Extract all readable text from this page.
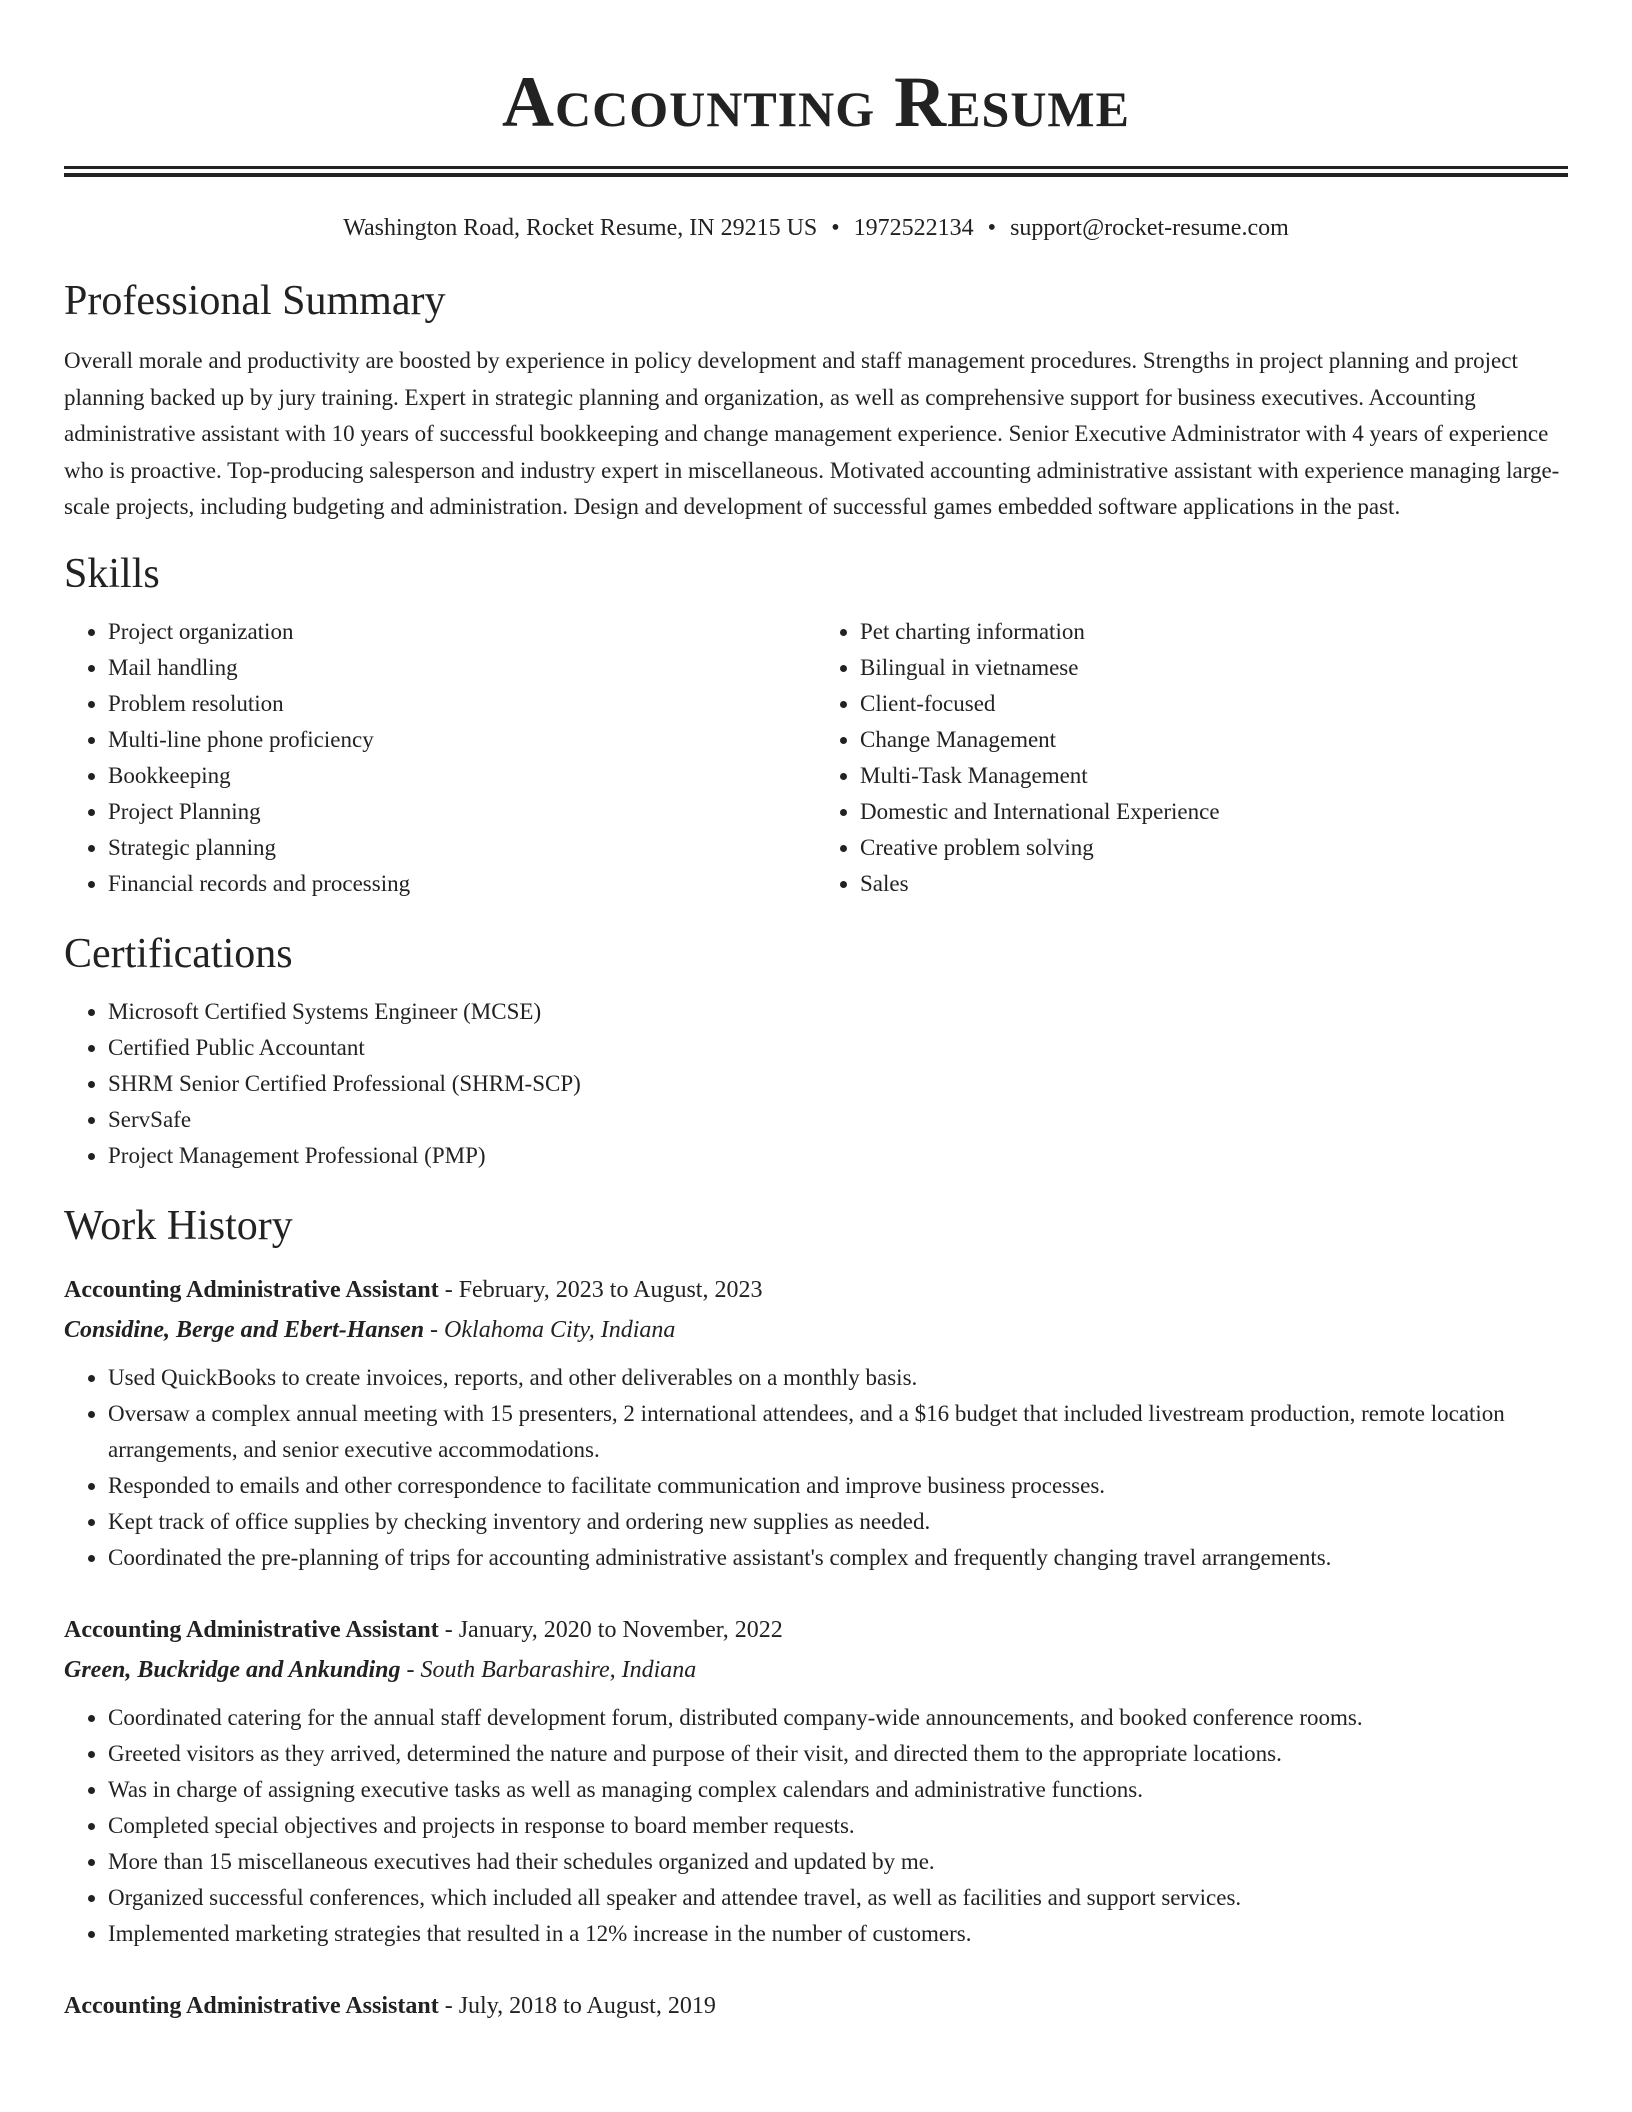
Accounting Resume
Washington Road, Rocket Resume, IN 29215 US • 1972522134 • support@rocket-resume.com
Professional Summary

Overall morale and productivity are boosted by experience in policy development and staff management procedures. Strengths in project planning and project planning backed up by jury training. Expert in strategic planning and organization, as well as comprehensive support for business executives. Accounting administrative assistant with 10 years of successful bookkeeping and change management experience. Senior Executive Administrator with 4 years of experience who is proactive. Top-producing salesperson and industry expert in miscellaneous. Motivated accounting administrative assistant with experience managing large-scale projects, including budgeting and administration. Design and development of successful games embedded software applications in the past.

Skills
• Project organization
• Mail handling
• Problem resolution
• Multi-line phone proficiency
• Bookkeeping
• Project Planning
• Strategic planning
• Financial records and processing
• Pet charting information
• Bilingual in vietnamese
• Client-focused
• Change Management
• Multi-Task Management
• Domestic and International Experience
• Creative problem solving
• Sales
Certifications
• Microsoft Certified Systems Engineer (MCSE)
• Certified Public Accountant
• SHRM Senior Certified Professional (SHRM-SCP)
• ServSafe
• Project Management Professional (PMP)
Work History
Accounting Administrative Assistant - February, 2023 to August, 2023
Considine, Berge and Ebert-Hansen - Oklahoma City, Indiana
• Used QuickBooks to create invoices, reports, and other deliverables on a monthly basis.
• Oversaw a complex annual meeting with 15 presenters, 2 international attendees, and a $16 budget that included livestream production, remote location arrangements, and senior executive accommodations.
• Responded to emails and other correspondence to facilitate communication and improve business processes.
• Kept track of office supplies by checking inventory and ordering new supplies as needed.
• Coordinated the pre-planning of trips for accounting administrative assistant's complex and frequently changing travel arrangements.
Accounting Administrative Assistant - January, 2020 to November, 2022
Green, Buckridge and Ankunding - South Barbarashire, Indiana
• Coordinated catering for the annual staff development forum, distributed company-wide announcements, and booked conference rooms.
• Greeted visitors as they arrived, determined the nature and purpose of their visit, and directed them to the appropriate locations.
• Was in charge of assigning executive tasks as well as managing complex calendars and administrative functions.
• Completed special objectives and projects in response to board member requests.
• More than 15 miscellaneous executives had their schedules organized and updated by me.
• Organized successful conferences, which included all speaker and attendee travel, as well as facilities and support services.
• Implemented marketing strategies that resulted in a 12% increase in the number of customers.
Accounting Administrative Assistant - July, 2018 to August, 2019
